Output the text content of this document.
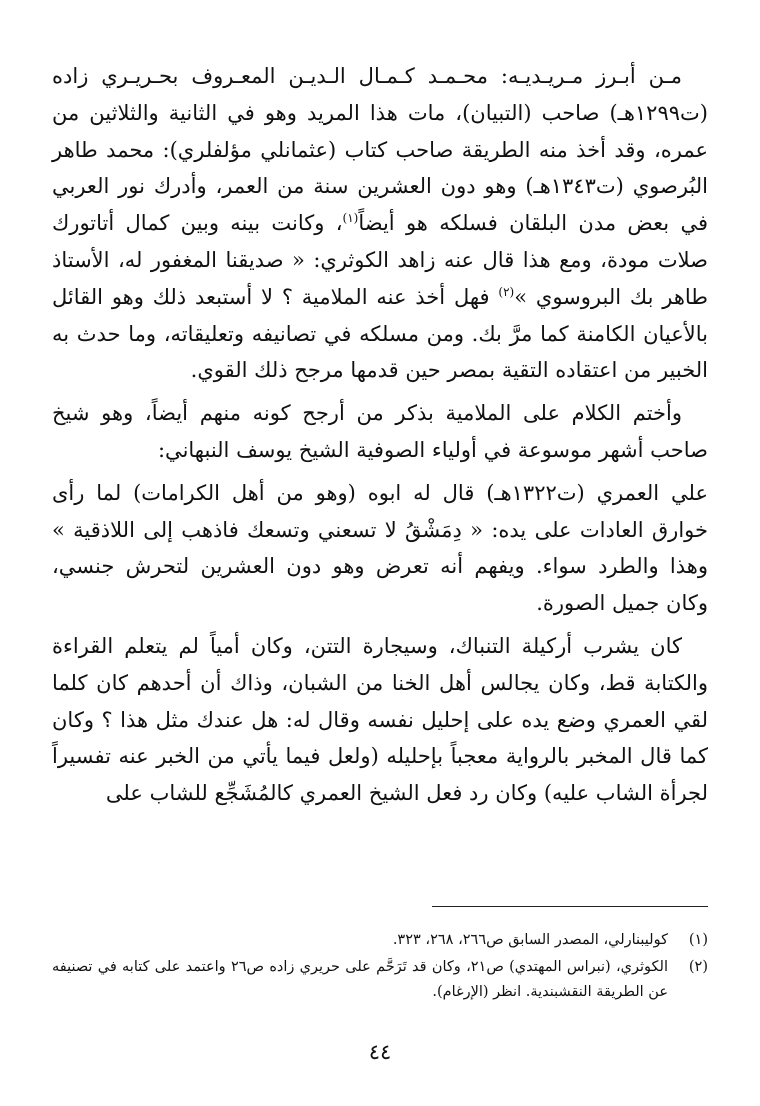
مـن أبـرز مـريـديـه: محـمـد كـمـال الـديـن المعـروف بحـريـري زاده (ت١٢٩٩هـ) صاحب (التبيان)، مات هذا المريد وهو في الثانية والثلاثين من عمره، وقد أخذ منه الطريقة صاحب كتاب (عثمانلي مؤلفلري): محمد طاهر البُرصوي (ت١٣٤٣هـ) وهو دون العشرين سنة من العمر، وأدرك نور العربي في بعض مدن البلقان فسلكه هو أيضاً$^{(١)}$، وكانت بينه وبين كمال أتاتورك صلات مودة، ومع هذا قال عنه زاهد الكوثري: « صديقنا المغفور له، الأستاذ طاهر بك البروسوي »$^{(٢)}$ فهل أخذ عنه الملامية ؟ لا أستبعد ذلك وهو القائل بالأعيان الكامنة كما مرَّ بك. ومن مسلكه في تصانيفه وتعليقاته، وما حدث به الخبير من اعتقاده التقية بمصر حين قدمها مرجح ذلك القوي.

وأختم الكلام على الملامية بذكر من أرجح كونه منهم أيضاً، وهو شيخ صاحب أشهر موسوعة في أولياء الصوفية الشيخ يوسف النبهاني:

علي العمري (ت١٣٢٢هـ) قال له ابوه (وهو من أهل الكرامات) لما رأى خوارق العادات على يده: « دِمَشْقُ لا تسعني وتسعك فاذهب إلى اللاذقية » وهذا والطرد سواء. ويفهم أنه تعرض وهو دون العشرين لتحرش جنسي، وكان جميل الصورة.

كان يشرب أركيلة التنباك، وسيجارة التتن، وكان أمياً لم يتعلم القراءة والكتابة قط، وكان يجالس أهل الخنا من الشبان، وذاك أن أحدهم كان كلما لقي العمري وضع يده على إحليل نفسه وقال له: هل عندك مثل هذا ؟ وكان كما قال المخبر بالرواية معجباً بإحليله (ولعل فيما يأتي من الخبر عنه تفسيراً لجرأة الشاب عليه) وكان رد فعل الشيخ العمري كالمُشَجِّع للشاب على

(١)
كوليبنارلي، المصدر السابق ص٢٦٦، ٢٦٨، ٣٢٣.
(٢)
الكوثري، (نبراس المهتدي) ص٢١، وكان قد تَرَحَّم على حريري زاده ص٢٦ واعتمد على كتابه في تصنيفه عن الطريقة النقشبندية. انظر (الإرغام).
٤٤
